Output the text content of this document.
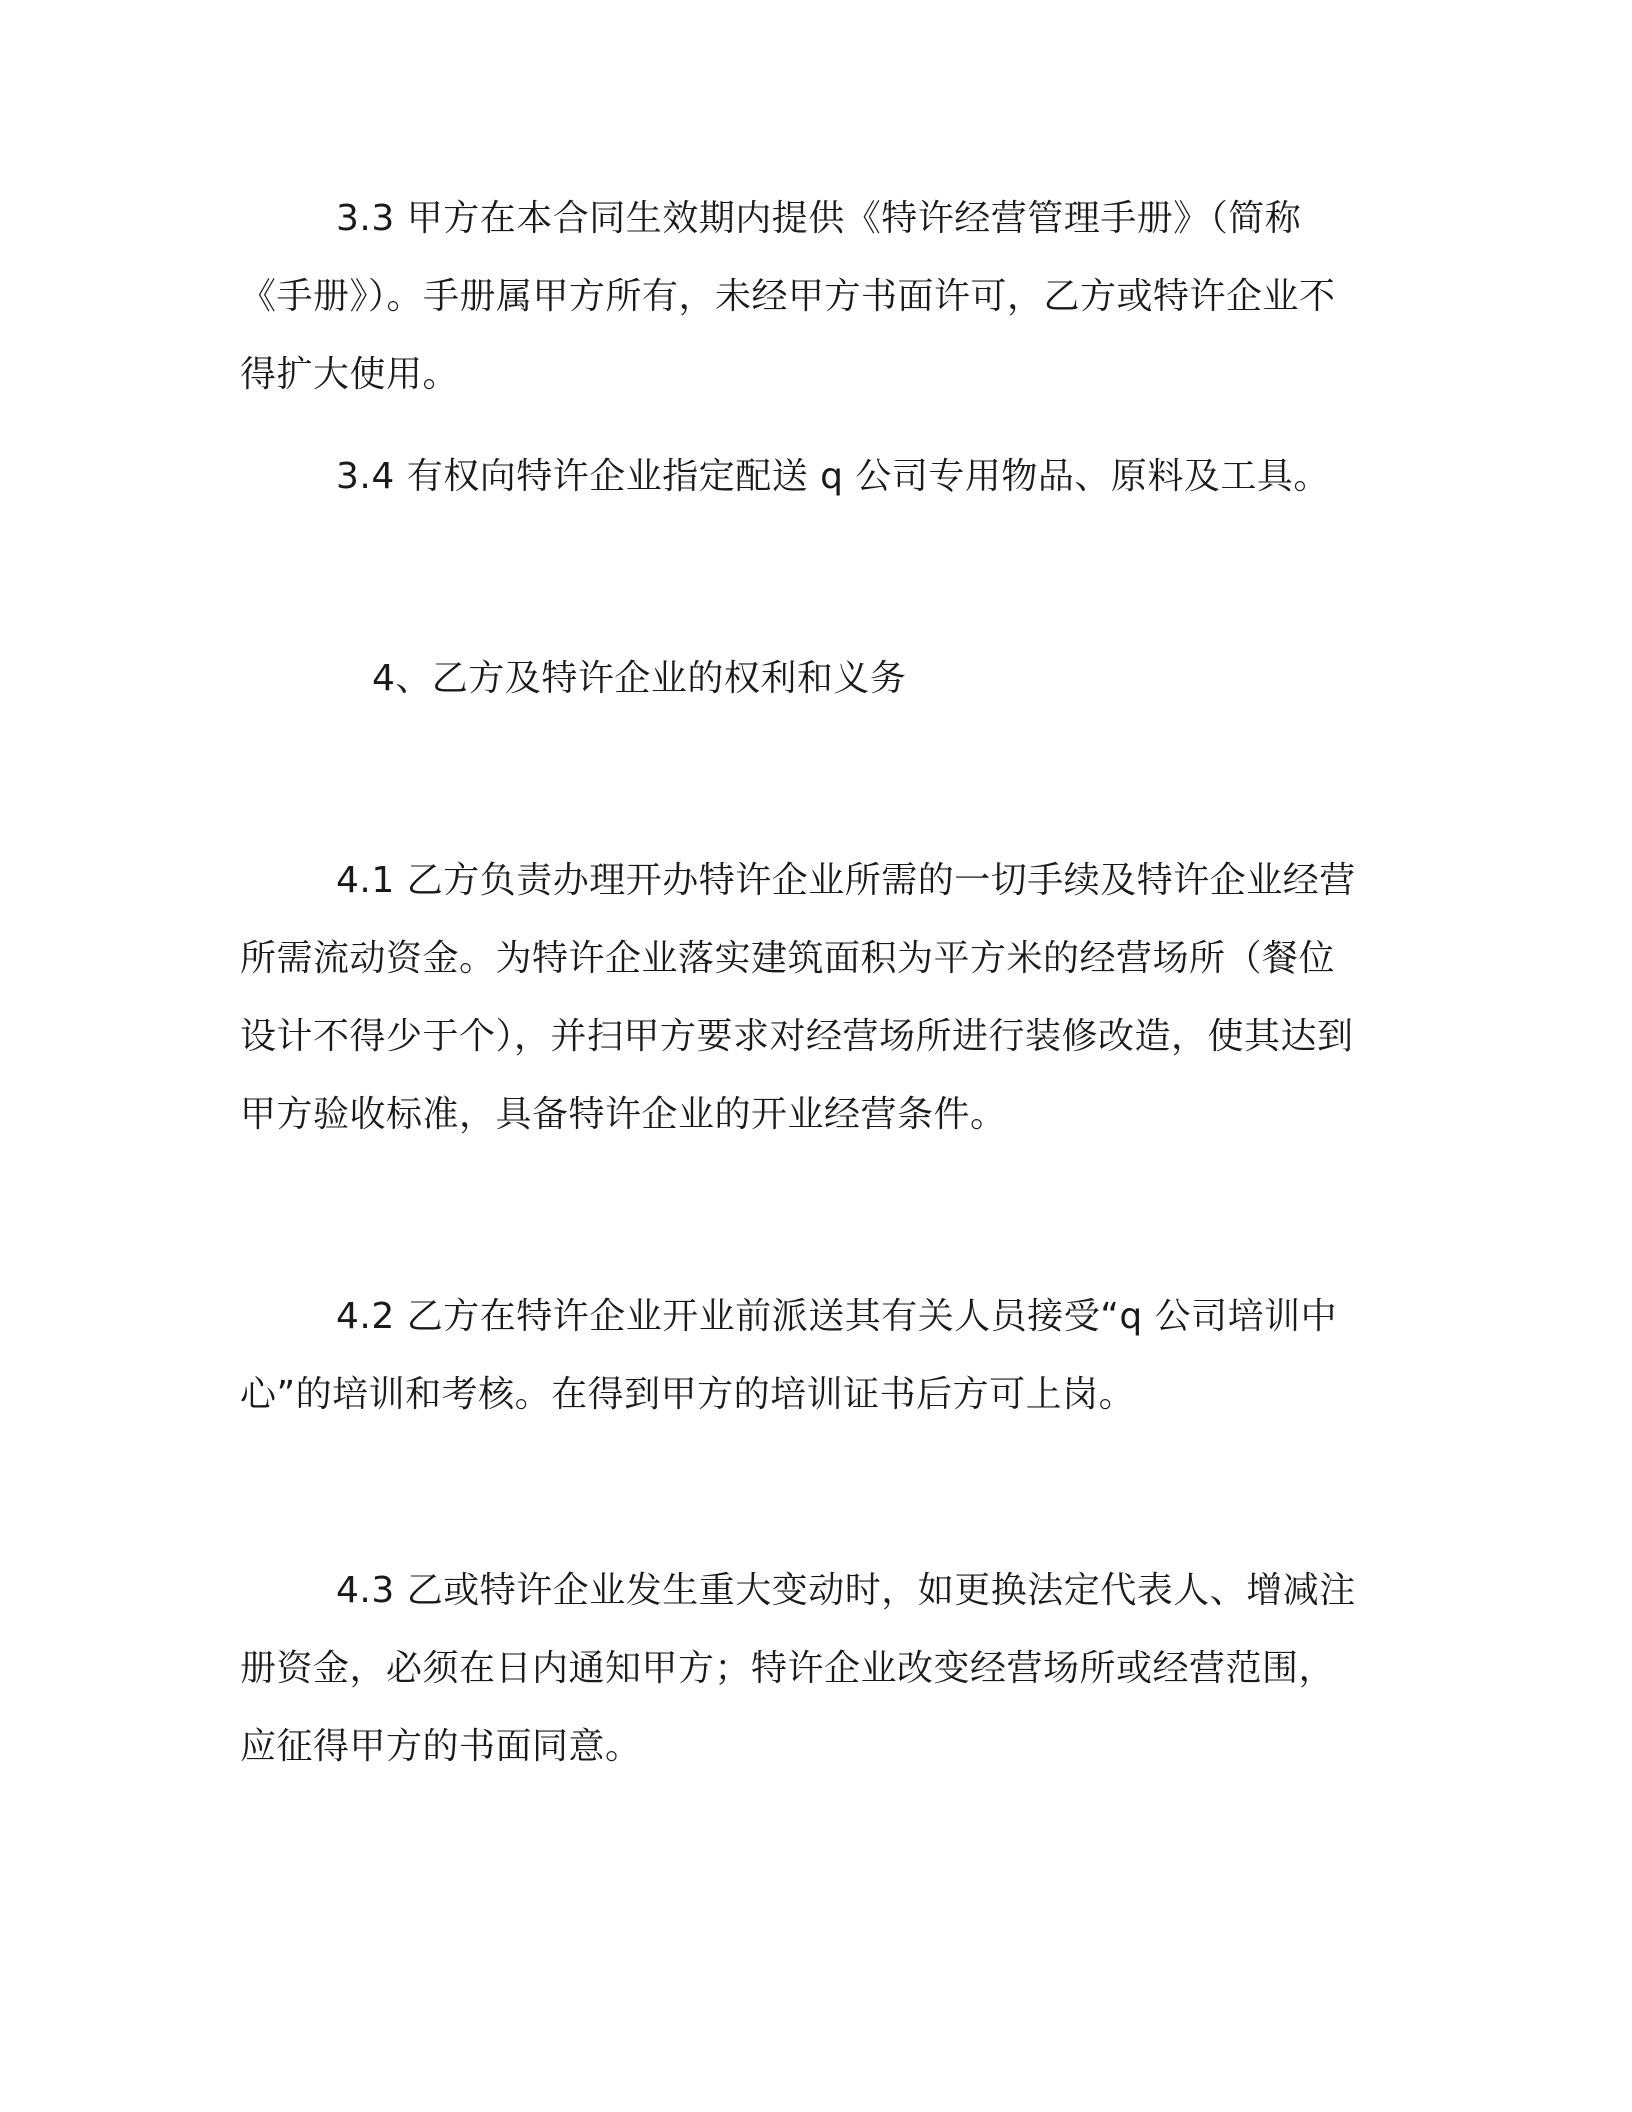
3.3 甲方在本合同生效期内提供《特许经营管理手册》（简称《手册》）。手册属甲方所有，未经甲方书面许可，乙方或特许企业不得扩大使用。

3.4 有权向特许企业指定配送 q 公司专用物品、原料及工具。

4、乙方及特许企业的权利和义务

4.1 乙方负责办理开办特许企业所需的一切手续及特许企业经营所需流动资金。为特许企业落实建筑面积为平方米的经营场所（餐位设计不得少于个），并扫甲方要求对经营场所进行装修改造，使其达到甲方验收标准，具备特许企业的开业经营条件。

4.2 乙方在特许企业开业前派送其有关人员接受“q 公司培训中心”的培训和考核。在得到甲方的培训证书后方可上岗。

4.3 乙或特许企业发生重大变动时，如更换法定代表人、增减注册资金，必须在日内通知甲方；特许企业改变经营场所或经营范围，应征得甲方的书面同意。
